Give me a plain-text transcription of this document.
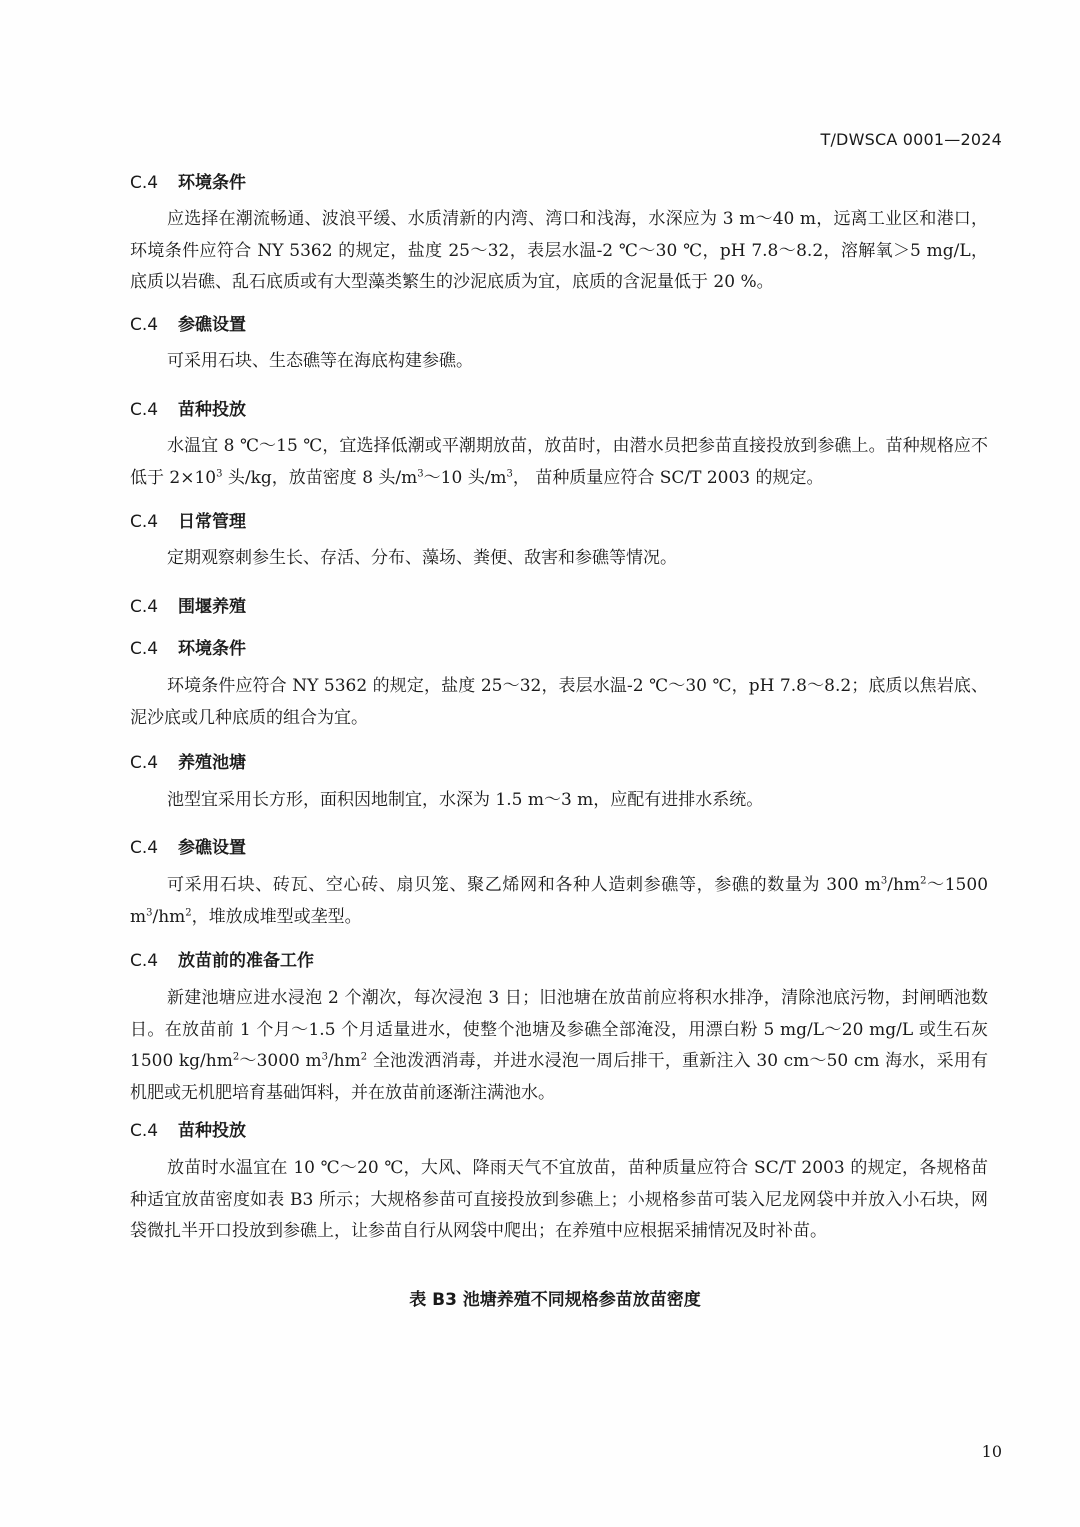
T/DWSCA 0001—2024
C.4 环境条件
应选择在潮流畅通、波浪平缓、水质清新的内湾、湾口和浅海，水深应为 3 m～40 m，远离工业区和港口，环境条件应符合 NY 5362 的规定，盐度 25～32，表层水温-2 ℃～30 ℃，pH 7.8～8.2，溶解氧＞5 mg/L，底质以岩礁、乱石底质或有大型藻类繁生的沙泥底质为宜，底质的含泥量低于 20 %。
C.4 参礁设置
可采用石块、生态礁等在海底构建参礁。
C.4 苗种投放
水温宜 8 ℃～15 ℃，宜选择低潮或平潮期放苗，放苗时，由潜水员把参苗直接投放到参礁上。苗种规格应不低于 $2\times 10^3$ 头/kg，放苗密度 8 头$/m^3\sim 10$ 头$/m^3$， 苗种质量应符合 SC/T 2003 的规定。
C.4 日常管理
定期观察刺参生长、存活、分布、藻场、粪便、敌害和参礁等情况。
C.4 围堰养殖
C.4 环境条件
环境条件应符合 NY 5362 的规定，盐度 25～32，表层水温-2 ℃～30 ℃，pH 7.8～8.2；底质以焦岩底、泥沙底或几种底质的组合为宜。
C.4 养殖池塘
池型宜采用长方形，面积因地制宜，水深为 1.5 m～3 m，应配有进排水系统。
C.4 参礁设置
可采用石块、砖瓦、空心砖、扇贝笼、聚乙烯网和各种人造刺参礁等，参礁的数量为 300 $m^3/hm^2\sim 1500$ $m^3/hm^2$，堆放成堆型或垄型。
C.4 放苗前的准备工作
新建池塘应进水浸泡 2 个潮次，每次浸泡 3 日；旧池塘在放苗前应将积水排净，清除池底污物，封闸晒池数日。在放苗前 1 个月～1.5 个月适量进水，使整个池塘及参礁全部淹没，用漂白粉 5 mg/L～20 mg/L 或生石灰 1500 $kg/hm^2\sim 3000$ $m^3/hm^2$ 全池泼洒消毒，并进水浸泡一周后排干，重新注入 30 cm～50 cm 海水，采用有机肥或无机肥培育基础饵料，并在放苗前逐渐注满池水。
C.4 苗种投放
放苗时水温宜在 10 ℃～20 ℃，大风、降雨天气不宜放苗，苗种质量应符合 SC/T 2003 的规定，各规格苗种适宜放苗密度如表 B3 所示；大规格参苗可直接投放到参礁上；小规格参苗可装入尼龙网袋中并放入小石块，网袋微扎半开口投放到参礁上，让参苗自行从网袋中爬出；在养殖中应根据采捕情况及时补苗。
表 B3 池塘养殖不同规格参苗放苗密度
10
